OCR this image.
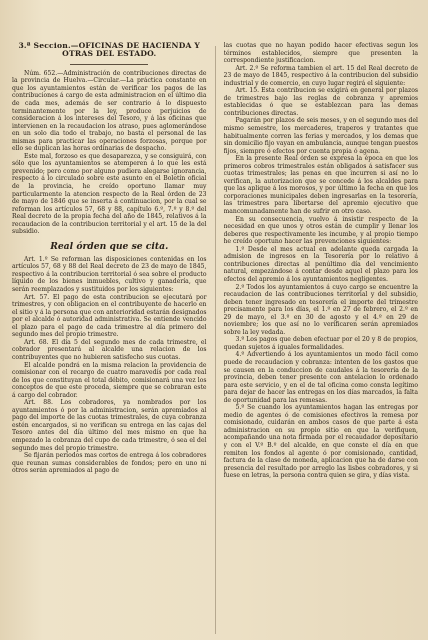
3.ª Seccion.—OFICINAS DE HACIENDA Y OTRAS DEL ESTADO.

Núm. 652.—Administración de contribuciones directas de la provincia de Huelva.—Circular.—La práctica constante en que los ayuntamientos están de verificar los pagos de las contribuciones á cargo de esta administracion en el último dia de cada mes, además de ser contrario á lo dispuesto terminantemente por la ley, produce perjuicios de consideracion á los intereses del Tesoro, y á las oficinas que intervienen en la recaudacion los atraso, pues aglomerándose en un solo dia todo el trabajo, no basta el personal de las mismas para practicar las operaciones forzosas, porque por ello se duplican las horas ordinarias de despacho.

Este mal, forzoso es que desaparezca, y se consiguirá, con sólo que los ayuntamientos se atemperen á lo que les está prevenido; pero como por alguno pudiera alegarse ignorancia, respecto á lo circulado sobre este asunto en el Boletín oficial de la provincia, he creído oportuno llamar muy particularmente la atencion respecto de la Real órden de 23 de mayo de 1846 que se inserta á continuacion, por la cual se reforman los artículos 57, 68 y 88, capítulo 6.º, 7.º y 8.º del Real decreto de la propia fecha del año de 1845, relativos á la recaudacion de la contribucion territorial y el art. 15 de la del subsidio.

Real órden que se cita.

Art. 1.º Se reforman las disposiciones contenidas en los artículos 57, 68 y 88 del Real decreto de 23 de mayo de 1845, respectivo á la contribucion territorial ó sea sobre el producto líquido de los bienes inmuebles, cultivo y ganadería, que serán reemplazados y sustituidos por los siguientes:

Art. 57. El pago de esta contribucion se ejecutará por trimestres, y con obligacion en el contribuyente de hacerlo en el sitio y á la persona que con anterioridad estarán designados por el alcalde ó autoridad administrativa. Se entiende vencido el plazo para el pago de cada trimestre al día primero del segundo mes del propio trimestre.

Art. 68. El día 5 del segundo mes de cada trimestre, el cobrador presentará al alcalde una relacion de los contribuyentes que no hubieren satisfecho sus cuotas.

El alcalde pondrá en la misma relacion la providencia de comisionar con el recargo de cuatro maravedís por cada real de los que constituyan el total débito, comisionará una vez los conceptos de que este proceda, siempre que se cobraran este á cargo del cobrador.

Art. 88. Los cobradores, ya nombrados por los ayuntamientos ó por la administracion, serán apremiados al pago del importe de las cuotas trimestrales, de cuya cobranza estén encargados, si no verifican su entrega en las cajas del Tesoro antes del día último del mes mismo en que ha empezado la cobranza del cupo de cada trimestre, ó sea el del segundo mes del propio trimestre.

Se fijarán períodos mas cortos de entrega á los cobradores que reunan sumas considerables de fondos; pero en uno ni otros serán apremiados al pago de

las cuotas que no hayan podido hacer efectivas segun los términos establecidos, siempre que presenten la correspondiente justificacion.

Art. 2.º Se reforma tambien el art. 15 del Real decreto de 23 de mayo de 1845, respectivo á la contribucion del subsidio industrial y de comercio, en cuyo lugar regirá el siguiente:

Art. 15. Esta contribucion se exigirá en general por plazos de trimestres bajo las reglas de cobranza y apremios establecidas ó que se establezcan para las demas contribuciones directas.

Pagarán por plazos de seis meses, y en el segundo mes del mismo semestre, los mercaderes, traperos y tratantes que habitualmente corren las ferias y mercados, y los demas que sin domicilio fijo vayan en ambulancia, aunque tengan puestos fijos, siempre ó efectos por cuenta propia ó agena.

En la presente Real órden se expresa la época en que los primeros cobros trimestrales están obligados á satisfacer sus cuotas trimestrales; las penas en que incurren si así no lo verifican, la autorizacion que se concede á los alcaldes para que las aplique á los morosos, y por último la fecha en que los corporaciones municipales deben ingresarlas en la tesorería, las trimestres para libertarse del apremio ejecutivo que mancomunadamente han de sufrir en otro caso.

En su consecuencia, vuelvo á insistir respecto de la necesidad en que unos y otros están de cumplir y llenar los deberes que respectivamente les incumbe, y al propio tiempo he creído oportuno hacer las prevenciones siguientes:

1.º Desde el mes actual en adelante queda cargada la admision de ingresos en la Tesorería por lo relativo á contribuciones directas al penúltimo día del vencimiento natural, empezándose á contar desde aquel el plazo para los efectos del apremio á los ayuntamientos negligentes.

2.º Todos los ayuntamientos á cuyo cargo se encuentre la recaudacion de las contribuciones territorial y del subsidio, deben tener ingresado en tesorería el importe del trimestre precisamente para los días, el 1.º en 27 de febrero, el 2.º en 29 de mayo, el 3.º en 30 de agosto y el 4.º en 29 de noviembre; los que así no lo verificaren serán apremiados sobre la ley vedada.

3.º Los pagos que deben efectuar por el 20 y 8 de propios, quedan sujetos á iguales formalidades.

4.º Advertiendo á los ayuntamientos un modo fácil como puede de recaudacion y cobranza: intenten de los gastos que se causen en la conduccion de caudales á la tesorería de la provincia, deben tener presente con antelacion lo ordenado para este servicio, y en el de tal oficina como consta legítimo para dejar de hacer las entregas en los días marcados, la falta de oportunidad para las remesas.

5.º Se cuando los ayuntamientos hagan las entregas por medio de agentes ó de comisiones efectivos la remesa por comisionado, cuidarán en ambos casos de que parte á esta administracion en su propio sitio en que la verifiquen, acompañando una nota firmada por el recaudador depositario y con el V.º B.º del alcalde, en que conste el día en que remiten los fondos al agente ó por comisionado, cantidad, factura de la clase de moneda, aplicacion que ha de darse con presencia del resultado por arreglo las lisbes cobradores, y si fuese en letras, la persona contra quien se gira, y días vista.
